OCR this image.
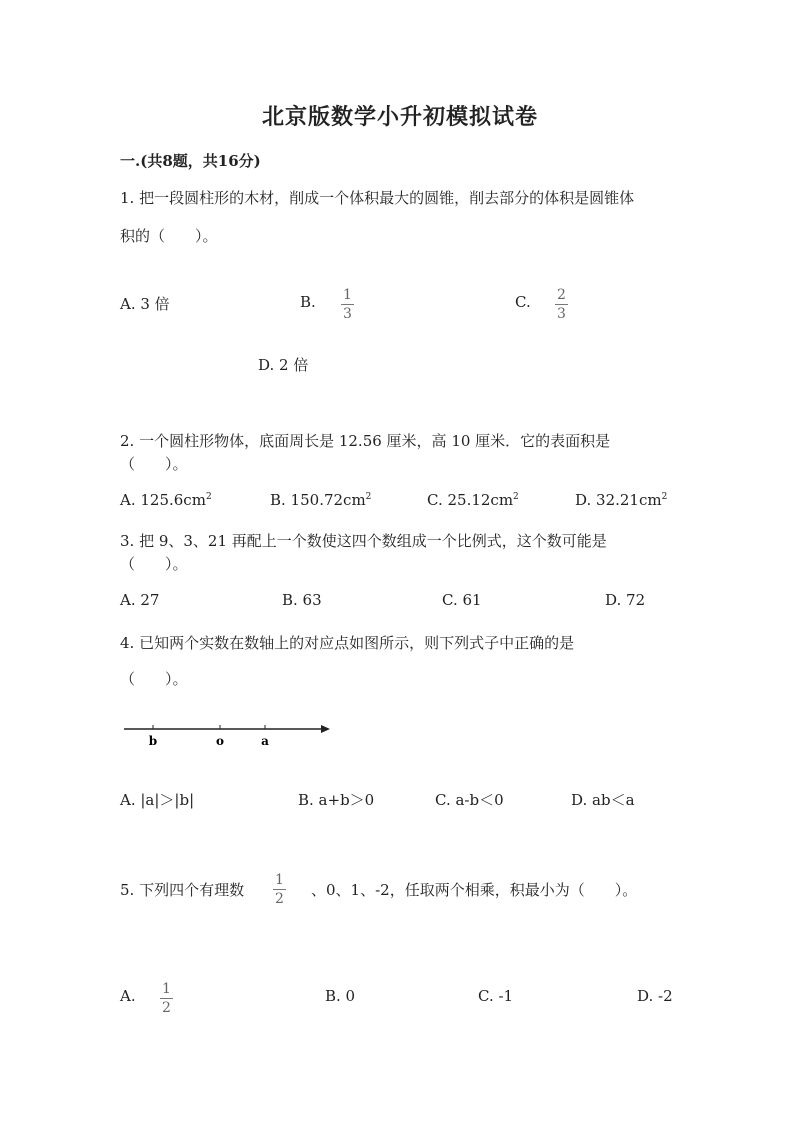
北京版数学小升初模拟试卷
一.(共8题，共16分)
1. 把一段圆柱形的木材，削成一个体积最大的圆锥，削去部分的体积是圆锥体
积的（　　）。
A. 3 倍	B. $\frac{1}{3}$	C. $\frac{2}{3}$
D. 2 倍
2. 一个圆柱形物体，底面周长是 12.56 厘米，高 10 厘米．它的表面积是
（　　）。
A. $125.6cm^2$	B. $150.72cm^2$	C. $25.12cm^2$	D. $32.21cm^2$
3. 把 9、3、21 再配上一个数使这四个数组成一个比例式，这个数可能是
（　　）。
A. 27	B. 63	C. 61	D. 72
4. 已知两个实数在数轴上的对应点如图所示，则下列式子中正确的是
（　　）。
b	o	a
A. |a|＞|b|	B. a+b＞0	C. a-b＜0	D. ab＜a
5. 下列四个有理数 $\frac{1}{2}$ 、0、1、-2，任取两个相乘，积最小为（　　）。
A. $\frac{1}{2}$	B. 0	C. -1	D. -2
